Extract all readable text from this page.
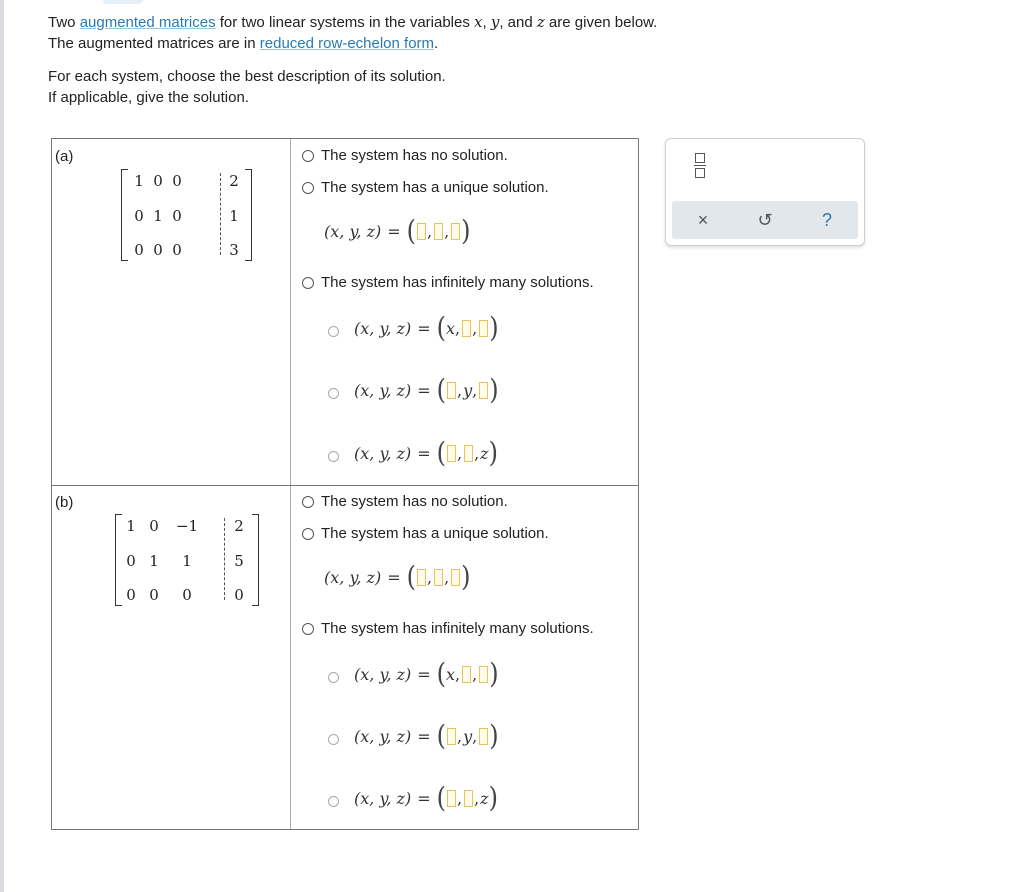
Two augmented matrices for two linear systems in the variables x, y, and z are given below.

The augmented matrices are in reduced row-echelon form.

For each system, choose the best description of its solution.

If applicable, give the solution.

(a)
1 0 0	2
0 1 0	1
0 0 0	3
The system has no solution.
The system has a unique solution.
(x, y, z) = ( , , )
The system has infinitely many solutions.
(x, y, z) = ( x , , )
(x, y, z) = ( , y , )
(x, y, z) = ( , , z )
(b)
1 0	−1	2
0 1	1	5
0 0	0	0
The system has no solution.
The system has a unique solution.
(x, y, z) = ( , , )
The system has infinitely many solutions.
(x, y, z) = ( x , , )
(x, y, z) = ( , y , )
(x, y, z) = ( , , z )
×	↺	?
